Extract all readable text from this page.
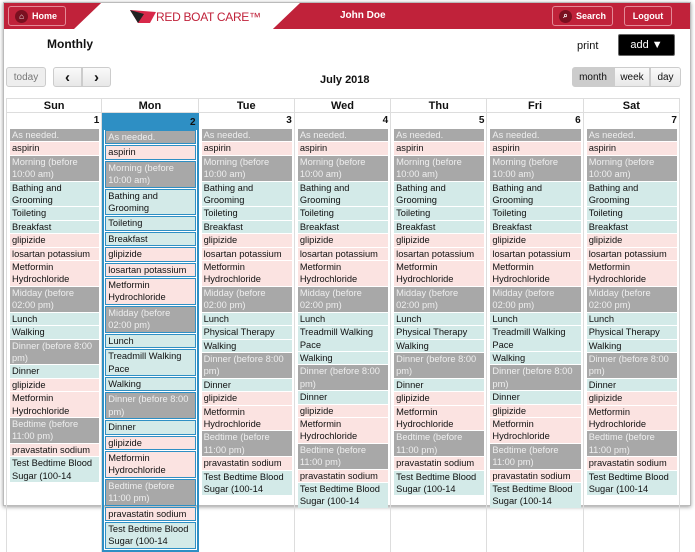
⌂ Home	RED BOAT CARE™	John Doe	⌕ Search	Logout
Monthly	print	add ▼
today	‹	›	July 2018	month	week	day
Sun	Mon	Tue	Wed	Thu	Fri	Sat
1
As needed.
aspirin
Morning (before 10:00 am)
Bathing and Grooming
Toileting
Breakfast
glipizide
losartan potassium
Metformin Hydrochloride
Midday (before 02:00 pm)
Lunch
Walking
Dinner (before 8:00 pm)
Dinner
glipizide
Metformin Hydrochloride
Bedtime (before 11:00 pm)
pravastatin sodium
Test Bedtime Blood Sugar (100-14
2
As needed.
aspirin
Morning (before 10:00 am)
Bathing and Grooming
Toileting
Breakfast
glipizide
losartan potassium
Metformin Hydrochloride
Midday (before 02:00 pm)
Lunch
Treadmill Walking Pace
Walking
Dinner (before 8:00 pm)
Dinner
glipizide
Metformin Hydrochloride
Bedtime (before 11:00 pm)
pravastatin sodium
Test Bedtime Blood Sugar (100-14
3
As needed.
aspirin
Morning (before 10:00 am)
Bathing and Grooming
Toileting
Breakfast
glipizide
losartan potassium
Metformin Hydrochloride
Midday (before 02:00 pm)
Lunch
Physical Therapy
Walking
Dinner (before 8:00 pm)
Dinner
glipizide
Metformin Hydrochloride
Bedtime (before 11:00 pm)
pravastatin sodium
Test Bedtime Blood Sugar (100-14
4
As needed.
aspirin
Morning (before 10:00 am)
Bathing and Grooming
Toileting
Breakfast
glipizide
losartan potassium
Metformin Hydrochloride
Midday (before 02:00 pm)
Lunch
Treadmill Walking Pace
Walking
Dinner (before 8:00 pm)
Dinner
glipizide
Metformin Hydrochloride
Bedtime (before 11:00 pm)
pravastatin sodium
Test Bedtime Blood Sugar (100-14
5
As needed.
aspirin
Morning (before 10:00 am)
Bathing and Grooming
Toileting
Breakfast
glipizide
losartan potassium
Metformin Hydrochloride
Midday (before 02:00 pm)
Lunch
Physical Therapy
Walking
Dinner (before 8:00 pm)
Dinner
glipizide
Metformin Hydrochloride
Bedtime (before 11:00 pm)
pravastatin sodium
Test Bedtime Blood Sugar (100-14
6
As needed.
aspirin
Morning (before 10:00 am)
Bathing and Grooming
Toileting
Breakfast
glipizide
losartan potassium
Metformin Hydrochloride
Midday (before 02:00 pm)
Lunch
Treadmill Walking Pace
Walking
Dinner (before 8:00 pm)
Dinner
glipizide
Metformin Hydrochloride
Bedtime (before 11:00 pm)
pravastatin sodium
Test Bedtime Blood Sugar (100-14
7
As needed.
aspirin
Morning (before 10:00 am)
Bathing and Grooming
Toileting
Breakfast
glipizide
losartan potassium
Metformin Hydrochloride
Midday (before 02:00 pm)
Lunch
Physical Therapy
Walking
Dinner (before 8:00 pm)
Dinner
glipizide
Metformin Hydrochloride
Bedtime (before 11:00 pm)
pravastatin sodium
Test Bedtime Blood Sugar (100-14
